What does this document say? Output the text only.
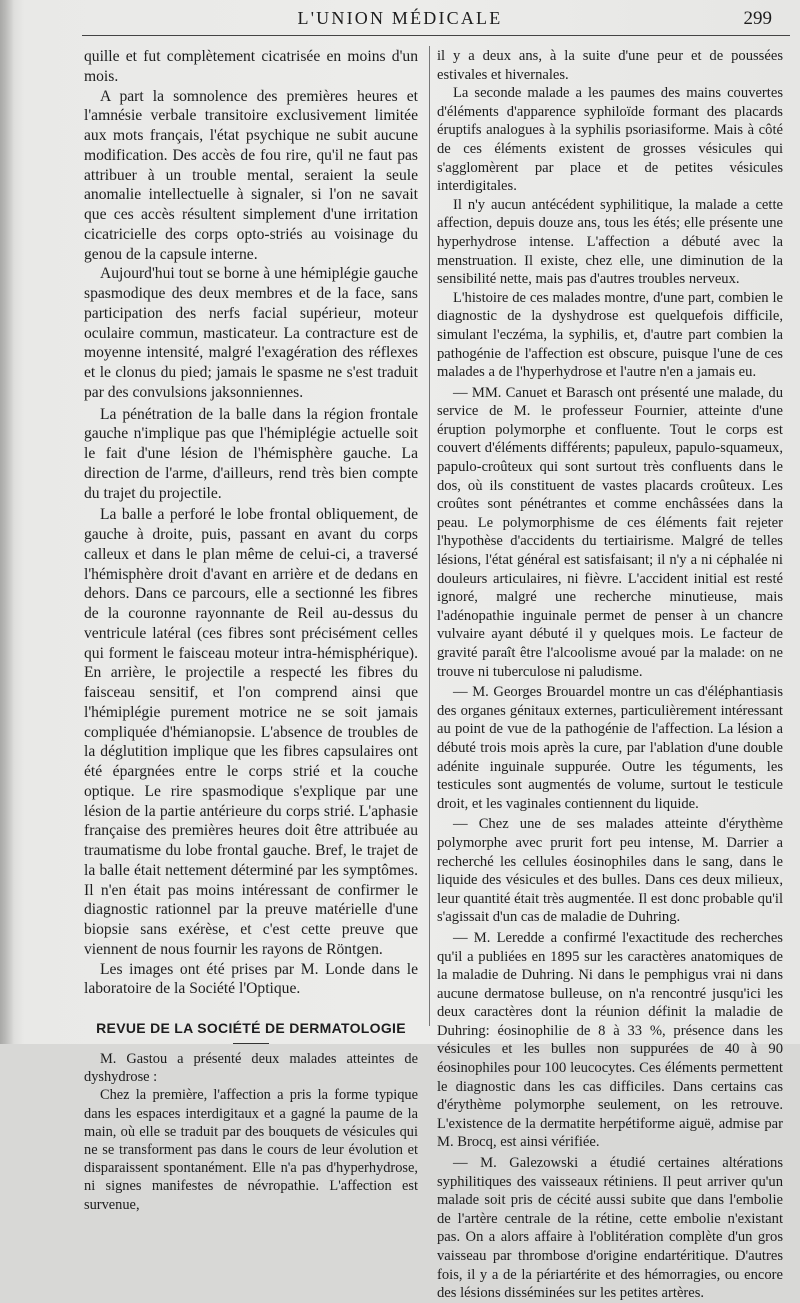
L'UNION MÉDICALE	299

quille et fut complètement cicatrisée en moins d'un mois.

A part la somnolence des premières heures et l'amnésie verbale transitoire exclusivement limitée aux mots français, l'état psychique ne subit aucune modification. Des accès de fou rire, qu'il ne faut pas attribuer à un trouble mental, seraient la seule anomalie intellectuelle à signaler, si l'on ne savait que ces accès résultent simplement d'une irritation cicatricielle des corps opto-striés au voisinage du genou de la capsule interne.

Aujourd'hui tout se borne à une hémiplégie gauche spasmodique des deux membres et de la face, sans participation des nerfs facial supérieur, moteur oculaire commun, masticateur. La contracture est de moyenne intensité, malgré l'exagération des réflexes et le clonus du pied; jamais le spasme ne s'est traduit par des convulsions jaksonniennes.

La pénétration de la balle dans la région frontale gauche n'implique pas que l'hémiplégie actuelle soit le fait d'une lésion de l'hémisphère gauche. La direction de l'arme, d'ailleurs, rend très bien compte du trajet du projectile.

La balle a perforé le lobe frontal obliquement, de gauche à droite, puis, passant en avant du corps calleux et dans le plan même de celui-ci, a traversé l'hémisphère droit d'avant en arrière et de dedans en dehors. Dans ce parcours, elle a sectionné les fibres de la couronne rayonnante de Reil au-dessus du ventricule latéral (ces fibres sont précisément celles qui forment le faisceau moteur intra-hémisphérique). En arrière, le projectile a respecté les fibres du faisceau sensitif, et l'on comprend ainsi que l'hémiplégie purement motrice ne se soit jamais compliquée d'hémianopsie. L'absence de troubles de la déglutition implique que les fibres capsulaires ont été épargnées entre le corps strié et la couche optique. Le rire spasmodique s'explique par une lésion de la partie antérieure du corps strié. L'aphasie française des premières heures doit être attribuée au traumatisme du lobe frontal gauche. Bref, le trajet de la balle était nettement déterminé par les symptômes. Il n'en était pas moins intéressant de confirmer le diagnostic rationnel par la preuve matérielle d'une biopsie sans exérèse, et c'est cette preuve que viennent de nous fournir les rayons de Röntgen.

Les images ont été prises par M. Londe dans le laboratoire de la Société l'Optique.

REVUE DE LA SOCIÉTÉ DE DERMATOLOGIE

M. Gastou a présenté deux malades atteintes de dyshydrose :

Chez la première, l'affection a pris la forme typique dans les espaces interdigitaux et a gagné la paume de la main, où elle se traduit par des bouquets de vésicules qui ne se transforment pas dans le cours de leur évolution et disparaissent spontanément. Elle n'a pas d'hyperhydrose, ni signes manifestes de névropathie. L'affection est survenue,

il y a deux ans, à la suite d'une peur et de poussées estivales et hivernales.

La seconde malade a les paumes des mains couvertes d'éléments d'apparence syphiloïde formant des placards éruptifs analogues à la syphilis psoriasiforme. Mais à côté de ces éléments existent de grosses vésicules qui s'agglomèrent par place et de petites vésicules interdigitales.

Il n'y aucun antécédent syphilitique, la malade a cette affection, depuis douze ans, tous les étés; elle présente une hyperhydrose intense. L'affection a débuté avec la menstruation. Il existe, chez elle, une diminution de la sensibilité nette, mais pas d'autres troubles nerveux.

L'histoire de ces malades montre, d'une part, combien le diagnostic de la dyshydrose est quelquefois difficile, simulant l'eczéma, la syphilis, et, d'autre part combien la pathogénie de l'affection est obscure, puisque l'une de ces malades a de l'hyperhydrose et l'autre n'en a jamais eu.

— MM. Canuet et Barasch ont présenté une malade, du service de M. le professeur Fournier, atteinte d'une éruption polymorphe et confluente. Tout le corps est couvert d'éléments différents; papuleux, papulo-squameux, papulo-croûteux qui sont surtout très confluents dans le dos, où ils constituent de vastes placards croûteux. Les croûtes sont pénétrantes et comme enchâssées dans la peau. Le polymorphisme de ces éléments fait rejeter l'hypothèse d'accidents du tertiairisme. Malgré de telles lésions, l'état général est satisfaisant; il n'y a ni céphalée ni douleurs articulaires, ni fièvre. L'accident initial est resté ignoré, malgré une recherche minutieuse, mais l'adénopathie inguinale permet de penser à un chancre vulvaire ayant débuté il y quelques mois. Le facteur de gravité paraît être l'alcoolisme avoué par la malade: on ne trouve ni tuberculose ni paludisme.

— M. Georges Brouardel montre un cas d'éléphantiasis des organes génitaux externes, particulièrement intéressant au point de vue de la pathogénie de l'affection. La lésion a débuté trois mois après la cure, par l'ablation d'une double adénite inguinale suppurée. Outre les téguments, les testicules sont augmentés de volume, surtout le testicule droit, et les vaginales contiennent du liquide.

— Chez une de ses malades atteinte d'érythème polymorphe avec prurit fort peu intense, M. Darrier a recherché les cellules éosinophiles dans le sang, dans le liquide des vésicules et des bulles. Dans ces deux milieux, leur quantité était très augmentée. Il est donc probable qu'il s'agissait d'un cas de maladie de Duhring.

— M. Leredde a confirmé l'exactitude des recherches qu'il a publiées en 1895 sur les caractères anatomiques de la maladie de Duhring. Ni dans le pemphigus vrai ni dans aucune dermatose bulleuse, on n'a rencontré jusqu'ici les deux caractères dont la réunion définit la maladie de Duhring: éosinophilie de 8 à 33 %, présence dans les vésicules et les bulles non suppurées de 40 à 90 éosinophiles pour 100 leucocytes. Ces éléments permettent le diagnostic dans les cas difficiles. Dans certains cas d'érythème polymorphe seulement, on les retrouve. L'existence de la dermatite herpétiforme aiguë, admise par M. Brocq, est ainsi vérifiée.

— M. Galezowski a étudié certaines altérations syphilitiques des vaisseaux rétiniens. Il peut arriver qu'un malade soit pris de cécité aussi subite que dans l'embolie de l'artère centrale de la rétine, cette embolie n'existant pas. On a alors affaire à l'oblitération complète d'un gros vaisseau par thrombose d'origine endartéritique. D'autres fois, il y a de la périartérite et des hémorragies, ou encore des lésions disséminées sur les petites artères.
